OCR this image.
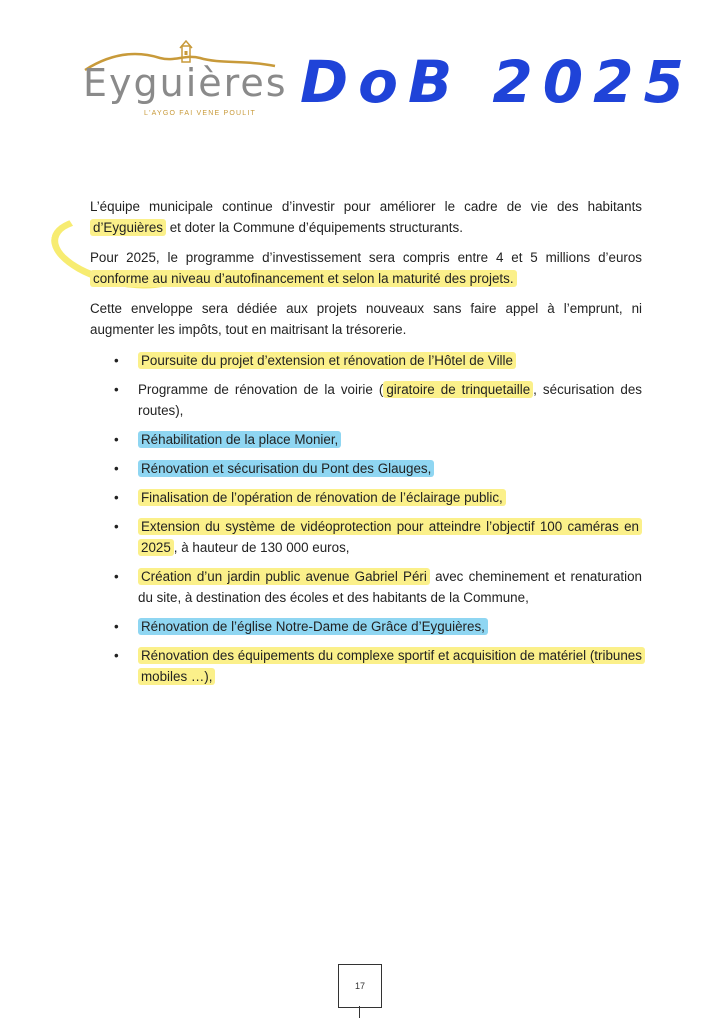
Eyguières
L'AYGO FAI VENE POULIT DoB 2025

L’équipe municipale continue d’investir pour améliorer le cadre de vie des habitants d’Eyguières et doter la Commune d’équipements structurants.

Pour 2025, le programme d’investissement sera compris entre 4 et 5 millions d’euros conforme au niveau d’autofinancement et selon la maturité des projets.

Cette enveloppe sera dédiée aux projets nouveaux sans faire appel à l’emprunt, ni augmenter les impôts, tout en maitrisant la trésorerie.

• Poursuite du projet d’extension et rénovation de l’Hôtel de Ville
• Programme de rénovation de la voirie ( giratoire de trinquetaille , sécurisation des routes),
• Réhabilitation de la place Monier,
• Rénovation et sécurisation du Pont des Glauges,
• Finalisation de l’opération de rénovation de l’éclairage public,
• Extension du système de vidéoprotection pour atteindre l’objectif 100 caméras en 2025 , à hauteur de 130 000 euros,
• Création d’un jardin public avenue Gabriel Péri avec cheminement et renaturation du site, à destination des écoles et des habitants de la Commune,
• Rénovation de l’église Notre-Dame de Grâce d’Eyguières,
• Rénovation des équipements du complexe sportif et acquisition de matériel (tribunes mobiles …),
17
